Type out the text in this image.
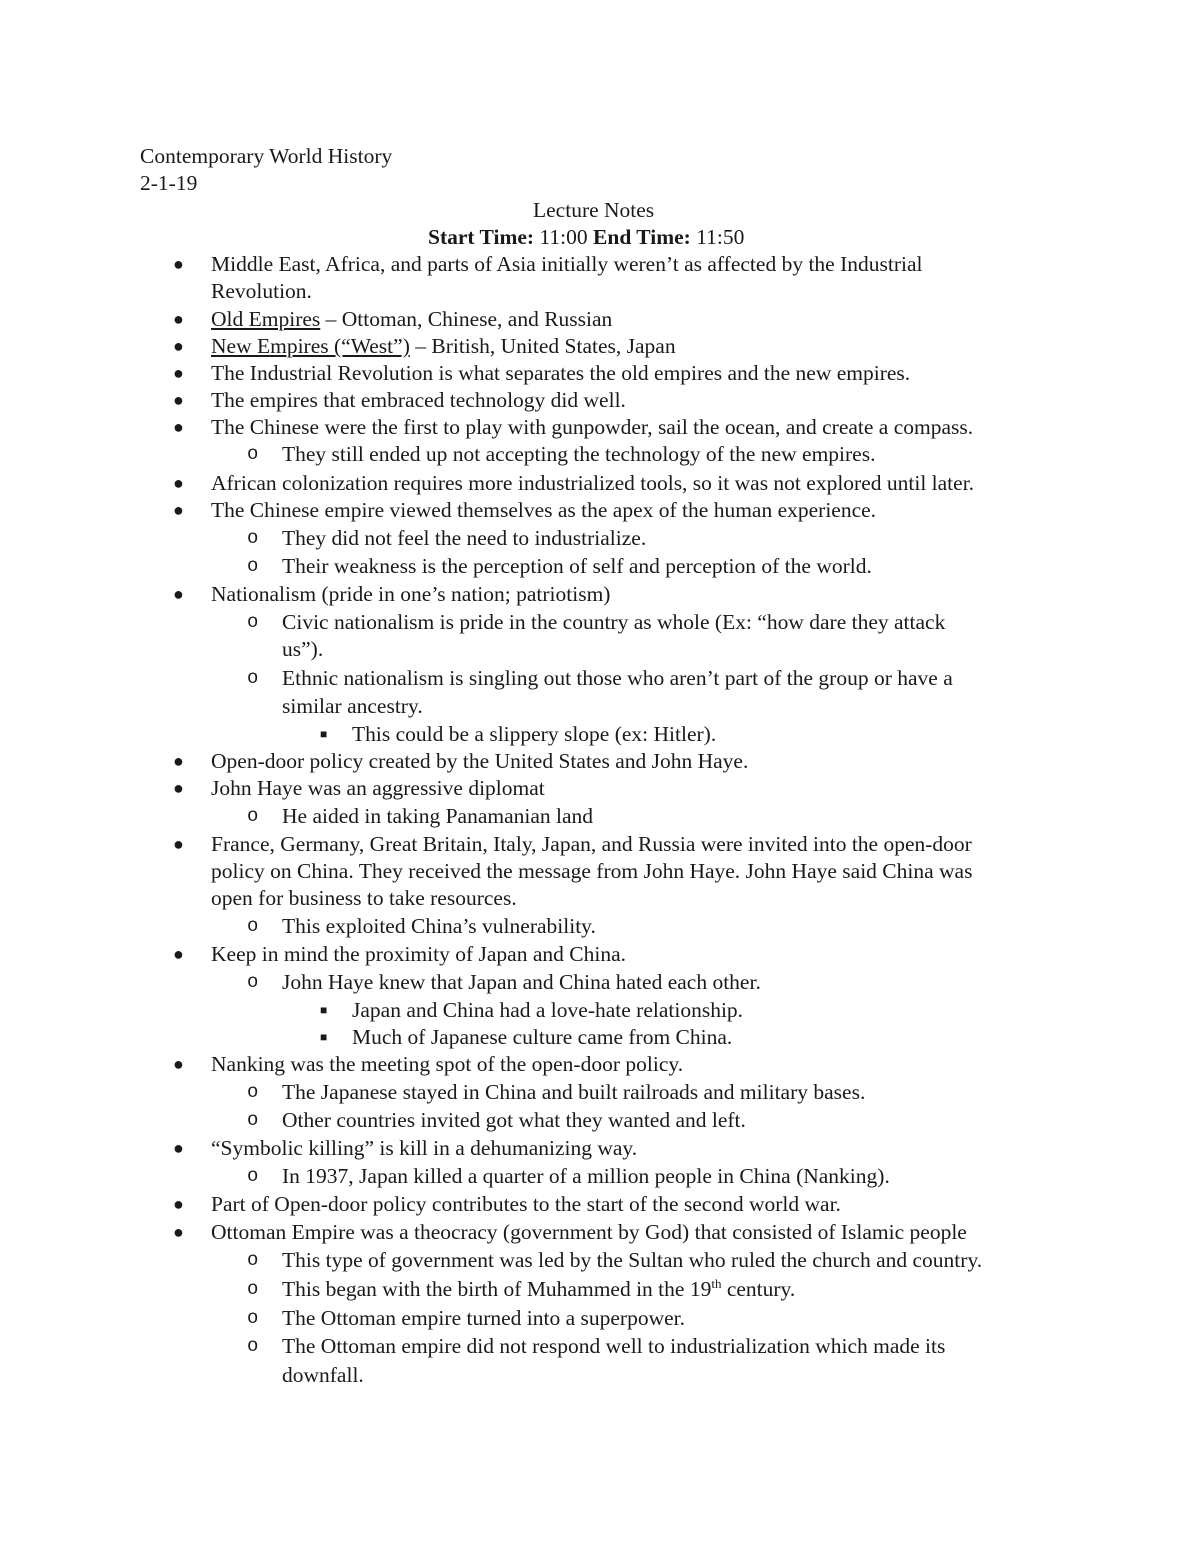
Contemporary World History
2-1-19
Lecture Notes
Start Time: 11:00 End Time: 11:50
● Middle East, Africa, and parts of Asia initially weren’t as affected by the Industrial
Revolution.
● Old Empires – Ottoman, Chinese, and Russian
● New Empires (“West”) – British, United States, Japan
● The Industrial Revolution is what separates the old empires and the new empires.
● The empires that embraced technology did well.
● The Chinese were the first to play with gunpowder, sail the ocean, and create a compass.
o They still ended up not accepting the technology of the new empires.
● African colonization requires more industrialized tools, so it was not explored until later.
● The Chinese empire viewed themselves as the apex of the human experience.
o They did not feel the need to industrialize.
o Their weakness is the perception of self and perception of the world.
● Nationalism (pride in one’s nation; patriotism)
o Civic nationalism is pride in the country as whole (Ex: “how dare they attack
us”).
o Ethnic nationalism is singling out those who aren’t part of the group or have a
similar ancestry.
■ This could be a slippery slope (ex: Hitler).
● Open-door policy created by the United States and John Haye.
● John Haye was an aggressive diplomat
o He aided in taking Panamanian land
● France, Germany, Great Britain, Italy, Japan, and Russia were invited into the open-door
policy on China. They received the message from John Haye. John Haye said China was
open for business to take resources.
o This exploited China’s vulnerability.
● Keep in mind the proximity of Japan and China.
o John Haye knew that Japan and China hated each other.
■ Japan and China had a love-hate relationship.
■ Much of Japanese culture came from China.
● Nanking was the meeting spot of the open-door policy.
o The Japanese stayed in China and built railroads and military bases.
o Other countries invited got what they wanted and left.
● “Symbolic killing” is kill in a dehumanizing way.
o In 1937, Japan killed a quarter of a million people in China (Nanking).
● Part of Open-door policy contributes to the start of the second world war.
● Ottoman Empire was a theocracy (government by God) that consisted of Islamic people
o This type of government was led by the Sultan who ruled the church and country.
o This began with the birth of Muhammed in the 19th century.
o The Ottoman empire turned into a superpower.
o The Ottoman empire did not respond well to industrialization which made its
downfall.
